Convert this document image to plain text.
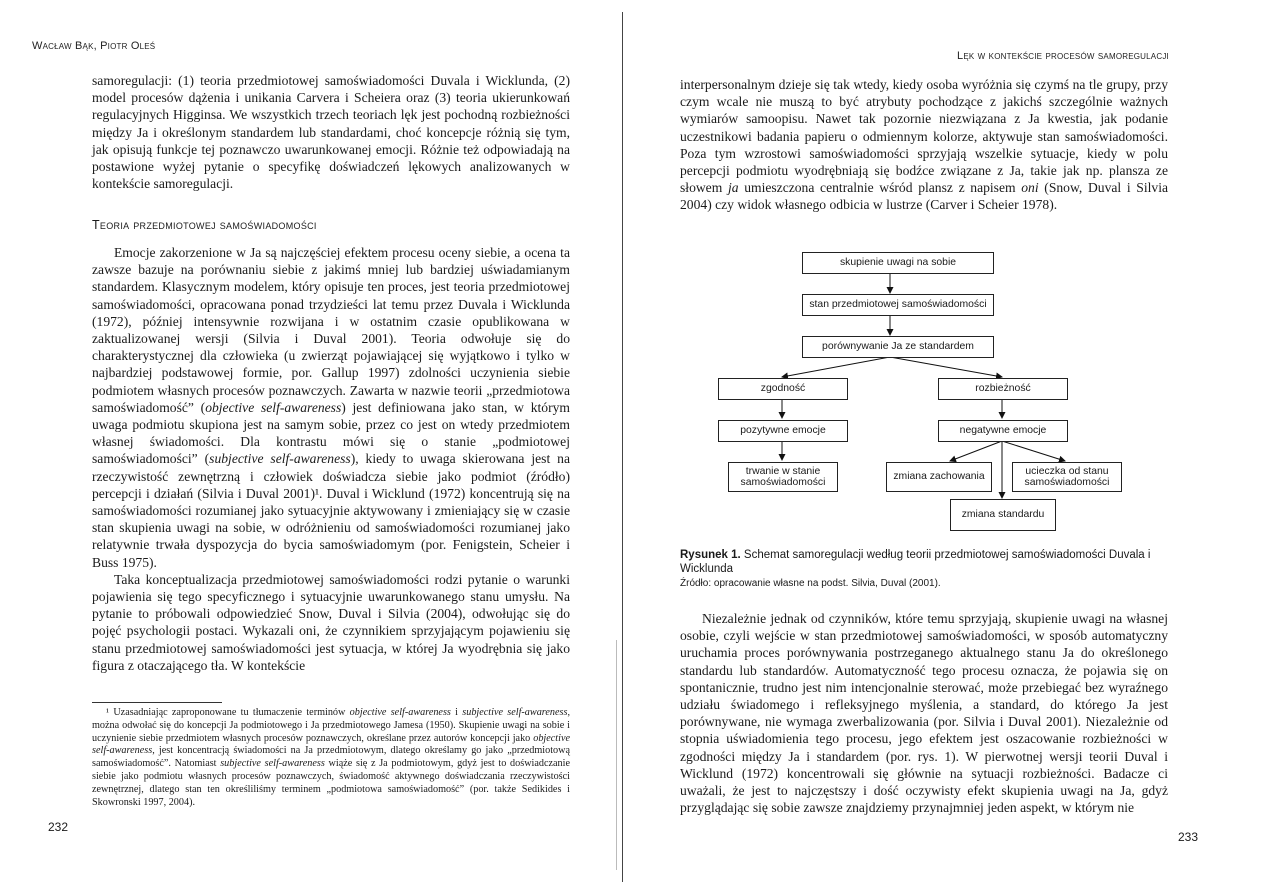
Wacław Bąk, Piotr Oleś

samoregulacji: (1) teoria przedmiotowej samoświadomości Duvala i Wicklunda, (2) model procesów dążenia i unikania Carvera i Scheiera oraz (3) teoria ukierunkowań regulacyjnych Higginsa. We wszystkich trzech teoriach lęk jest pochodną rozbieżności między Ja i określonym standardem lub standardami, choć koncepcje różnią się tym, jak opisują funkcje tej poznawczo uwarunkowanej emocji. Różnie też odpowiadają na postawione wyżej pytanie o specyfikę doświadczeń lękowych analizowanych w kontekście samoregulacji.

Teoria przedmiotowej samoświadomości

Emocje zakorzenione w Ja są najczęściej efektem procesu oceny siebie, a ocena ta zawsze bazuje na porównaniu siebie z jakimś mniej lub bardziej uświadamianym standardem. Klasycznym modelem, który opisuje ten proces, jest teoria przedmiotowej samoświadomości, opracowana ponad trzydzieści lat temu przez Duvala i Wicklunda (1972), później intensywnie rozwijana i w ostatnim czasie opublikowana w zaktualizowanej wersji (Silvia i Duval 2001). Teoria odwołuje się do charakterystycznej dla człowieka (u zwierząt pojawiającej się wyjątkowo i tylko w najbardziej podstawowej formie, por. Gallup 1997) zdolności uczynienia siebie podmiotem własnych procesów poznawczych. Zawarta w nazwie teorii „przedmiotowa samoświadomość” (objective self-awareness) jest definiowana jako stan, w którym uwaga podmiotu skupiona jest na samym sobie, przez co jest on wtedy przedmiotem własnej świadomości. Dla kontrastu mówi się o stanie „podmiotowej samoświadomości” (subjective self-awareness), kiedy to uwaga skierowana jest na rzeczywistość zewnętrzną i człowiek doświadcza siebie jako podmiot (źródło) percepcji i działań (Silvia i Duval 2001)¹. Duval i Wicklund (1972) koncentrują się na samoświadomości rozumianej jako sytuacyjnie aktywowany i zmieniający się w czasie stan skupienia uwagi na sobie, w odróżnieniu od samoświadomości rozumianej jako relatywnie trwała dyspozycja do bycia samoświadomym (por. Fenigstein, Scheier i Buss 1975).

Taka konceptualizacja przedmiotowej samoświadomości rodzi pytanie o warunki pojawienia się tego specyficznego i sytuacyjnie uwarunkowanego stanu umysłu. Na pytanie to próbowali odpowiedzieć Snow, Duval i Silvia (2004), odwołując się do pojęć psychologii postaci. Wykazali oni, że czynnikiem sprzyjającym pojawieniu się stanu przedmiotowej samoświadomości jest sytuacja, w której Ja wyodrębnia się jako figura z otaczającego tła. W kontekście

¹ Uzasadniając zaproponowane tu tłumaczenie terminów objective self-awareness i subjective self-awareness, można odwołać się do koncepcji Ja podmiotowego i Ja przedmiotowego Jamesa (1950). Skupienie uwagi na sobie i uczynienie siebie przedmiotem własnych procesów poznawczych, określane przez autorów koncepcji jako objective self-awareness, jest koncentracją świadomości na Ja przedmiotowym, dlatego określamy go jako „przedmiotową samoświadomość”. Natomiast subjective self-awareness wiąże się z Ja podmiotowym, gdyż jest to doświadczanie siebie jako podmiotu własnych procesów poznawczych, świadomość aktywnego doświadczania rzeczywistości zewnętrznej, dlatego stan ten określiliśmy terminem „podmiotowa samoświadomość” (por. także Sedikides i Skowronski 1997, 2004).

232
Lęk w kontekście procesów samoregulacji

interpersonalnym dzieje się tak wtedy, kiedy osoba wyróżnia się czymś na tle grupy, przy czym wcale nie muszą to być atrybuty pochodzące z jakichś szczególnie ważnych wymiarów samoopisu. Nawet tak pozornie niezwiązana z Ja kwestia, jak podanie uczestnikowi badania papieru o odmiennym kolorze, aktywuje stan samoświadomości. Poza tym wzrostowi samoświadomości sprzyjają wszelkie sytuacje, kiedy w polu percepcji podmiotu wyodrębniają się bodźce związane z Ja, takie jak np. plansza ze słowem ja umieszczona centralnie wśród plansz z napisem oni (Snow, Duval i Silvia 2004) czy widok własnego odbicia w lustrze (Carver i Scheier 1978).

Rysunek 1. Schemat samoregulacji według teorii przedmiotowej samoświadomości Duvala i Wicklunda
Źródło: opracowanie własne na podst. Silvia, Duval (2001).

Niezależnie jednak od czynników, które temu sprzyjają, skupienie uwagi na własnej osobie, czyli wejście w stan przedmiotowej samoświadomości, w sposób automatyczny uruchamia proces porównywania postrzeganego aktualnego stanu Ja do określonego standardu lub standardów. Automatyczność tego procesu oznacza, że pojawia się on spontanicznie, trudno jest nim intencjonalnie sterować, może przebiegać bez wyraźnego udziału świadomego i refleksyjnego myślenia, a standard, do którego Ja jest porównywane, nie wymaga zwerbalizowania (por. Silvia i Duval 2001). Niezależnie od stopnia uświadomienia tego procesu, jego efektem jest oszacowanie rozbieżności w zgodności między Ja i standardem (por. rys. 1). W pierwotnej wersji teorii Duval i Wicklund (1972) koncentrowali się głównie na sytuacji rozbieżności. Badacze ci uważali, że jest to najczęstszy i dość oczywisty efekt skupienia uwagi na Ja, gdyż przyglądając się sobie zawsze znajdziemy przynajmniej jeden aspekt, w którym nie

233
skupienie uwagi na sobie
stan przedmiotowej samoświadomości
porównywanie Ja ze standardem
zgodność	rozbieżność
pozytywne emocje	negatywne emocje
trwanie w stanie samoświadomości
zmiana zachowania
ucieczka od stanu samoświadomości
zmiana standardu
